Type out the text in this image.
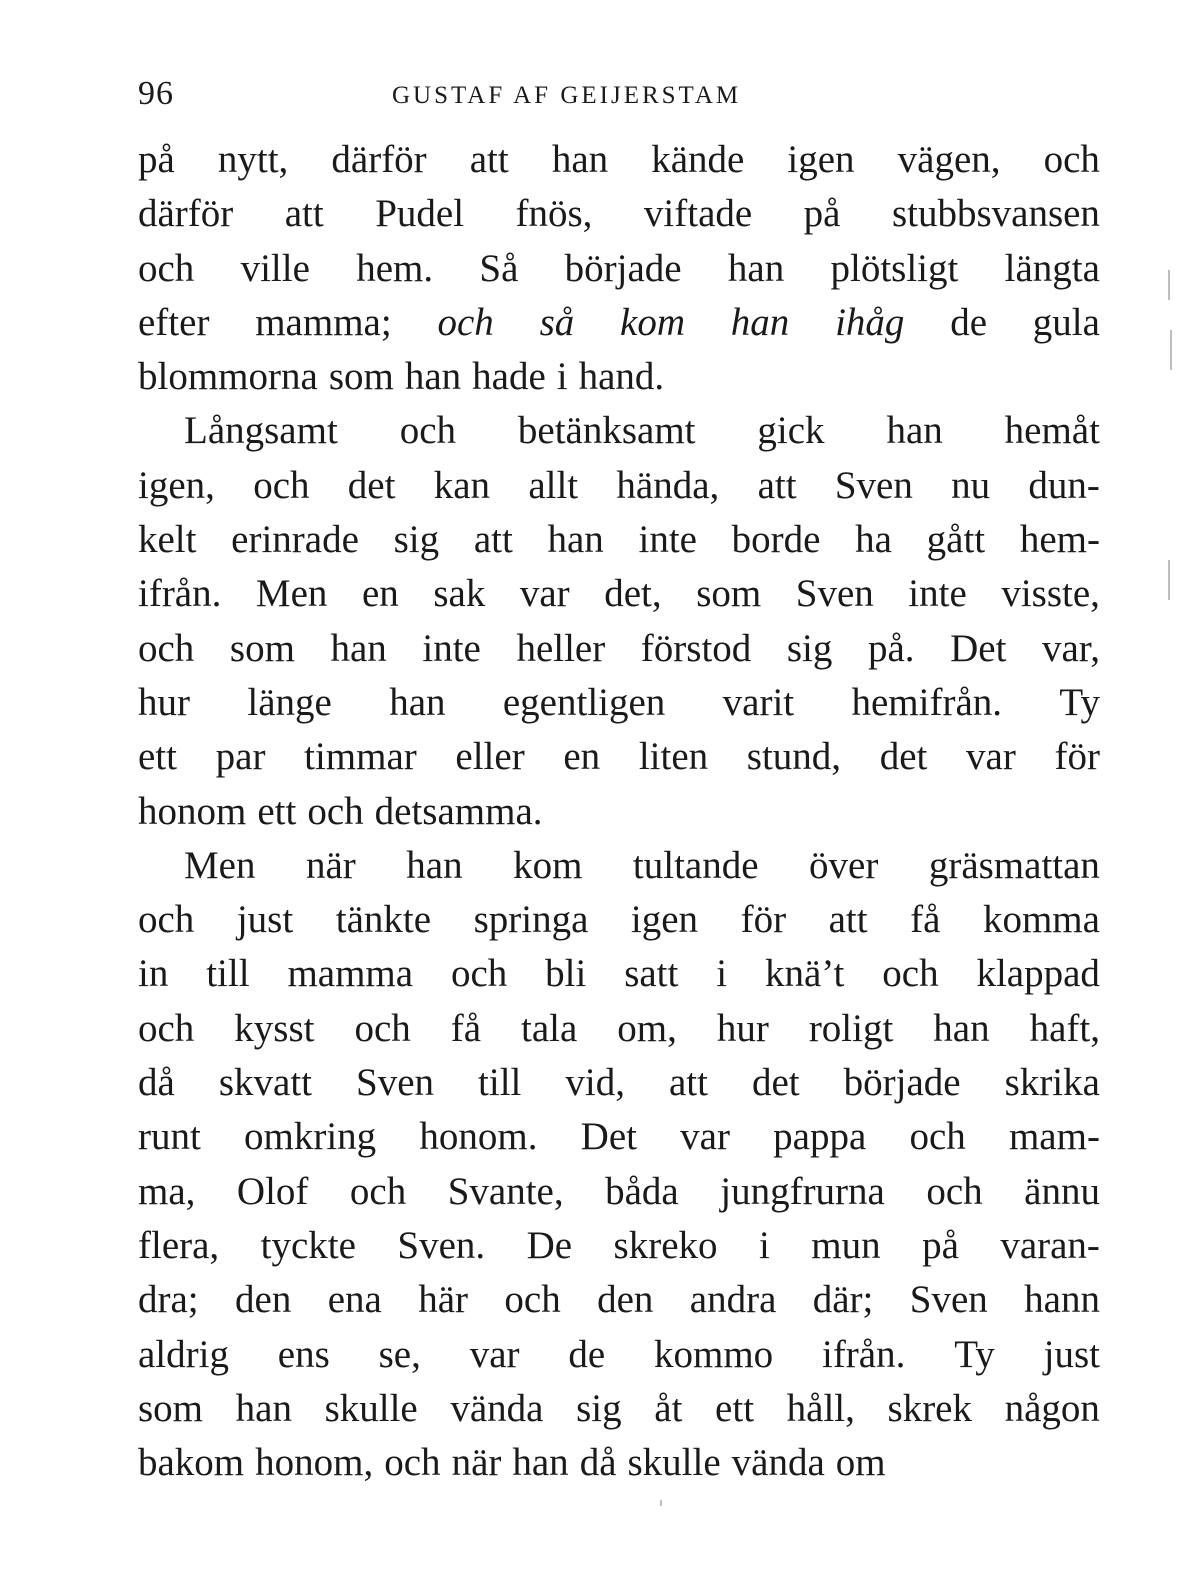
96	GUSTAF AF GEIJERSTAM
på nytt, därför att han kände igen vägen, och
därför att Pudel fnös, viftade på stubbsvansen
och ville hem. Så började han plötsligt längta
efter mamma; och så kom han ihåg de gula
blommorna som han hade i hand.
Långsamt och betänksamt gick han hemåt
igen, och det kan allt hända, att Sven nu dun-
kelt erinrade sig att han inte borde ha gått hem-
ifrån. Men en sak var det, som Sven inte visste,
och som han inte heller förstod sig på. Det var,
hur länge han egentligen varit hemifrån. Ty
ett par timmar eller en liten stund, det var för
honom ett och detsamma.
Men när han kom tultande över gräsmattan
och just tänkte springa igen för att få komma
in till mamma och bli satt i knä’t och klappad
och kysst och få tala om, hur roligt han haft,
då skvatt Sven till vid, att det började skrika
runt omkring honom. Det var pappa och mam-
ma, Olof och Svante, båda jungfrurna och ännu
flera, tyckte Sven. De skreko i mun på varan-
dra; den ena här och den andra där; Sven hann
aldrig ens se, var de kommo ifrån. Ty just
som han skulle vända sig åt ett håll, skrek någon
bakom honom, och när han då skulle vända om
